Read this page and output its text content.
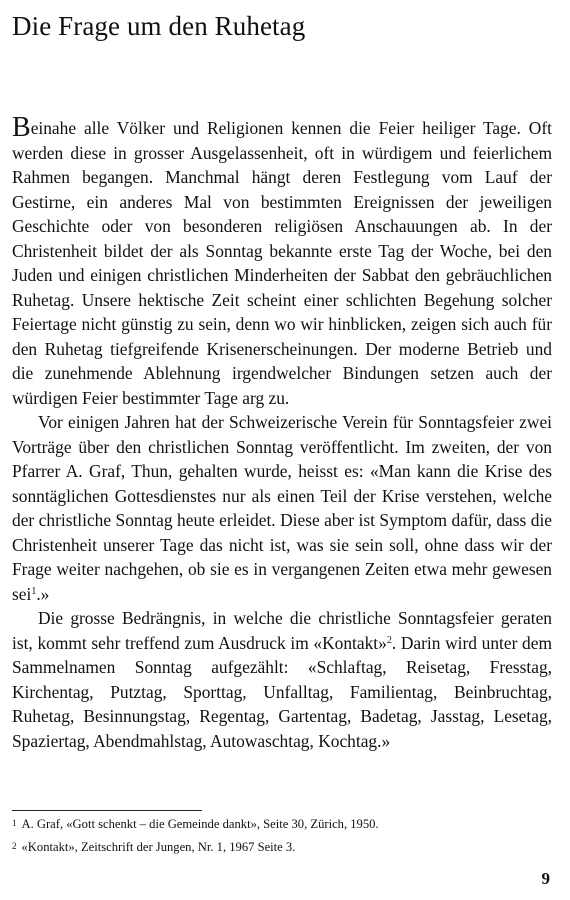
Die Frage um den Ruhetag

Beinahe alle Völker und Religionen kennen die Feier heiliger Tage. Oft werden diese in grosser Ausgelassenheit, oft in würdigem und feierlichem Rahmen begangen. Manchmal hängt deren Festlegung vom Lauf der Gestirne, ein anderes Mal von bestimmten Ereignissen der jeweiligen Geschichte oder von besonderen religiösen Anschauungen ab. In der Christenheit bildet der als Sonntag bekannte erste Tag der Woche, bei den Juden und einigen christlichen Minderheiten der Sabbat den gebräuchlichen Ruhetag. Unsere hektische Zeit scheint einer schlichten Begehung solcher Feiertage nicht günstig zu sein, denn wo wir hinblicken, zeigen sich auch für den Ruhetag tiefgreifende Krisenerscheinungen. Der moderne Betrieb und die zunehmende Ablehnung irgendwelcher Bindungen setzen auch der würdigen Feier bestimmter Tage arg zu.

Vor einigen Jahren hat der Schweizerische Verein für Sonntagsfeier zwei Vorträge über den christlichen Sonntag veröffentlicht. Im zweiten, der von Pfarrer A. Graf, Thun, gehalten wurde, heisst es: «Man kann die Krise des sonntäglichen Gottesdienstes nur als einen Teil der Krise verstehen, welche der christliche Sonntag heute erleidet. Diese aber ist Symptom dafür, dass die Christenheit unserer Tage das nicht ist, was sie sein soll, ohne dass wir der Frage weiter nachgehen, ob sie es in vergangenen Zeiten etwa mehr gewesen sei$^1$.»

Die grosse Bedrängnis, in welche die christliche Sonntagsfeier geraten ist, kommt sehr treffend zum Ausdruck im «Kontakt»$^2$. Darin wird unter dem Sammelnamen Sonntag aufgezählt: «Schlaftag, Reisetag, Fresstag, Kirchentag, Putztag, Sporttag, Unfalltag, Familientag, Beinbruchtag, Ruhetag, Besinnungstag, Regentag, Gartentag, Badetag, Jasstag, Lesetag, Spaziertag, Abendmahlstag, Autowaschtag, Kochtag.»

1 A. Graf, «Gott schenkt – die Gemeinde dankt», Seite 30, Zürich, 1950.
2 «Kontakt», Zeitschrift der Jungen, Nr. 1, 1967 Seite 3.
9
